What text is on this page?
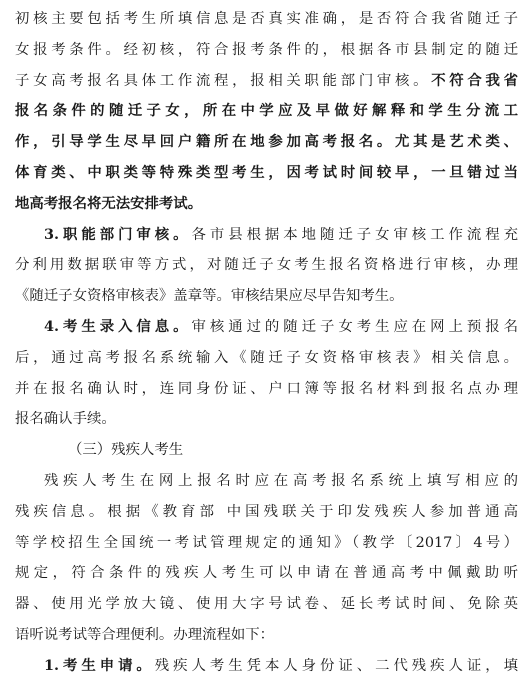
初核主要包括考生所填信息是否真实准确，是否符合我省随迁子
女报考条件。经初核，符合报考条件的，根据各市县制定的随迁
子女高考报名具体工作流程，报相关职能部门审核。不符合我省
报名条件的随迁子女，所在中学应及早做好解释和学生分流工
作，引导学生尽早回户籍所在地参加高考报名。尤其是艺术类、
体育类、中职类等特殊类型考生，因考试时间较早，一旦错过当
地高考报名将无法安排考试。
3.职能部门审核。各市县根据本地随迁子女审核工作流程充
分利用数据联审等方式，对随迁子女考生报名资格进行审核，办理
《随迁子女资格审核表》盖章等。审核结果应尽早告知考生。
4.考生录入信息。审核通过的随迁子女考生应在网上预报名
后，通过高考报名系统输入《随迁子女资格审核表》相关信息。
并在报名确认时，连同身份证、户口簿等报名材料到报名点办理
报名确认手续。
（三）残疾人考生
残疾人考生在网上报名时应在高考报名系统上填写相应的
残疾信息。根据《教育部 中国残联关于印发残疾人参加普通高
等学校招生全国统一考试管理规定的通知》（教学〔2017〕4号）
规定，符合条件的残疾人考生可以申请在普通高考中佩戴助听
器、使用光学放大镜、使用大字号试卷、延长考试时间、免除英
语听说考试等合理便利。办理流程如下：
1.考生申请。残疾人考生凭本人身份证、二代残疾人证，填
